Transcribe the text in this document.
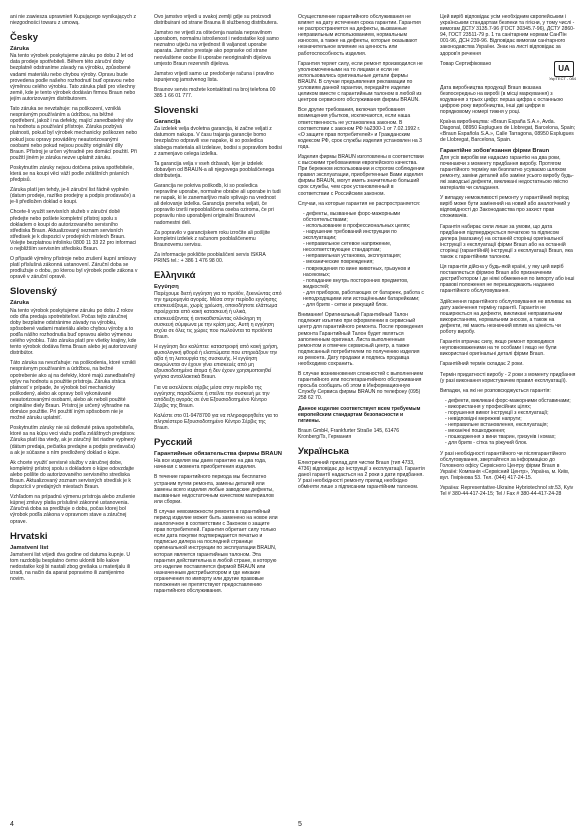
ani nie zawiesza uprawnień Kupującego wynikających z niezgodności towaru z umową.

Česky
Záruka

Na tento výrobek poskytujeme záruku po dobu 2 let od data prodeje spotřebiteli. Během této záruční doby bezplatně odstraníme závady na výrobku, způsobené vadami materiálu nebo chybou výroby. Opravu bude provedena podle našeho rozhodnutí buď opravou nebo výměnou celého výrobku. Tato záruka platí pro všechny země, kde je tento výrobek dodáván firmou Braun nebo jejím autorizovaným distributorem.

Tato záruka se nevztahuje: na poškození, vzniklá nesprávným používáním a údržbou, na běžné opotřebení, jakož i na defekty, mající zanedbatelný vliv na hodnotu a používání přístroje. Záruka pozbývá platnosti, pokud byl výrobek mechanicky poškozen nebo pokud jsou opravy prováděny neautorizovanými osobami nebo pokud nejsou použity originální díly Braun. Přístroj je určen výhradně pro domácí použití. Při použití jiném je záruka nezve uplatnit záruku.

Poskytnutím záruky nejsou dotčena práva spotřebitele, která se na koupi věci váží podle zvláštních právních předpisů.

Záruka platí jen tehdy, je-li záruční list řádně vyplněn (datum prodeje, razítko prodejny a podpis prodavače) a je-li předložen doklad o koupi.

Chcete-li využít servisních služeb v záruční době předejte nebo pošlete kompletní přístroj spolu s dokladem o koupi do autorizovaného servisního střediska Braun. Aktualizovaný seznam servisních středisek je k dispozici v prodejních místech Braun. Volejte bezplatnou infolinku 0800 11 33 22 pro informaci o nejbližším servisním středisku Braun.

O případě výměny přístroje nebo zrušení kupní smlouvy platí příslušná zákonná ustanovení. Záruční doba se prodlužuje o dobu, po kterou byl výrobek podle zákona v opravě v záruční opravě.

Slovenský
Záruka

Na tento výrobok poskytujeme záruku po dobu 2 rokov odo dňa predaja spotrebiteľovi. Počas tejto záručnej doby bezplatne odstránime závady na výrobku, spôsobené vadami materiálu alebo chybou výroby a to podľa nášho rozhodnutia buď opravou alebo výmenou celého výrobku. Táto záruka platí pre všetky krajiny, kde tento výrobok dodáva firma Braun alebo jej autorizovaný distribútor.

Táto záruka sa nevzťahuje: na poškodenia, ktoré vznikli nesprávnym používaním a údržbou, na bežné opotrebenie ako aj na defekty, ktoré majú zanedbateľný vplyv na hodnotu a použitie prístroja. Záruka stráca platnosť v prípade, že výrobok bol mechanicky poškodený, alebo ak opravy boli vykonávané neautorizovanými osobami, alebo ak neboli použité originálne diely Braun. Prístroj je určený výhradne na domáce použitie. Pri použití iným spôsobom nie je možné záruku uplatniť.

Poskytnutím záruky nie sú dotknuté práva spotrebiteľa, ktoré sa na kúpu veci viažu podľa zvláštnych predpisov. Záruka platí iba vtedy, ak je záručný list riadne vyplnený (dátum predaja, pečiatka predajne a podpis predavača) a ak je súčasne s ním predložený doklad o kúpe.

Ak chcete využiť servisné služby v záručnej dobe, kompletný prístroj spolu s dokladom o kúpe odovzdajte alebo pošlite do autorizovaného servisného strediska Braun. Aktualizovaný zoznam servisných stredísk je k dispozícii v predajných miestach Braun.

Vzhľadom na prípadnú výmenu prístroja alebo zrušenie kúpnej zmluvy platia príslušné zákonné ustanovenia. Záručná doba sa predlžuje o dobu, počas ktorej bol výrobok podľa zákona v opravnom stave a záručnej oprave.

Hrvatski
Jamstveni list

Jamstveni list vrijedi dva godine od datuma kupnje. U tom razdoblju besplatno ćemo ukloniti bilo kakve nedostatke koji bi nastali zbog grešaka u materijalu ili izradi, na način da aparat popravimo ili zamijenimo novim.

Ovo jamstvo vrijedi u svakoj zemlji gdje su proizvodi distribuirani od strane Brauna ili službenog distributera.

Jamstvo ne vrijedi za oštećenja nastala nepravilnom uporabom, normalnu istrošenost i nedostatke koji samo neznatno utječu na vrijednost ili valjanost uporabe aparata. Jamstvo prestaje ako popravke od strane neovlaštene osobe ili uporabe neoriginalnih dijelova umjesto Braun rezervnih dijelova.

Jamstvo vrijedi samo uz predočenje računa i pravilno ispunjenog jamstvenog lista.

Braunov servis možete kontaktirati na broj telefona 00 385 1 66 01 777.

Slovenski
Garancija

Za izdelek velja dvoletna garancija, ki začne veljati z datumom nakupa. V času trajanja garancije bomo brezplačno odpravili vse napake, ki so posledica slabega materiala ali izdelave, bodisi s popravilom bodisi z zamenjavo celega izdelka.

Ta garancija velja v vseh državah, kjer je izdelek dobavljen od BRAUN-a ali njegovega pooblaščenega distributerja.

Garancija ne pokriva poškodb, ki so posledica nepravilne uporabe, normalne obrabe ali uporabe in tudi ne napak, ki le zanemarljivo malo vplivajo na vrednost ali delovanje izdelka. Garancija preneha veljati, če popravilo izvrši nepooblaščena oseba oziroma, če pri popravilu niso uporabljeni originalni Braunovi nadomestni deli.

Za popravilo v garancijskem roku izročite ali pošljite kompletni izdelek z računom pooblaščenemu Braunovemu servisu.

Za informacije pokličite pooblaščeni servis ISKRA PRINS tel.: + 386 1 476 98 00.

Ελληνικά
Εγγύηση

Παρέχουμε διετή εγγύηση για το προϊόν, ξεκινώντας από την ημερομηνία αγοράς. Μέσα στην περίοδο εγγύησης επισκευάζουμε, χωρίς χρέωση, οποιοδήποτε ελάττωμα προέρχεται από κακή κατασκευή ή υλικά, επισκευάζοντας ή αντικαθιστώντας ολόκληρη τη συσκευή σύμφωνα με την κρίση μας. Αυτή η εγγύηση ισχύει σε όλες τις χώρες που πωλούνται τα προϊόντα Braun.

Η εγγύηση δεν καλύπτει: καταστροφή από κακή χρήση, φυσιολογική φθορά ή ελαττώματα που επηρεάζουν την αξία ή τη λειτουργία της συσκευής. Η εγγύηση ακυρώνεται αν έχουν γίνει επισκευές από μη εξουσιοδοτημένα άτομα ή δεν έχουν χρησιμοποιηθεί γνήσια ανταλλακτικά Braun.

Για να εκτελέσετε σέρβις μέσα στην περίοδο της εγγύησης παραδώστε ή στείλτε την συσκευή με την απόδειξη αγοράς σε ένα Εξουσιοδοτημένο Κέντρο Σέρβις της Braun.

Καλέστε στο 01-9478700 για να πληροφορηθείτε για το πλησιέστερο Εξουσιοδοτημένο Κέντρο Σέρβις της Braun.

Русский
Гарантийные обязательства фирмы BRAUN

На все изделия мы даем гарантию на два года, начиная с момента приобретения изделия.

В течение гарантийного периода мы бесплатно устраним путем ремонта, замены деталей или замены всего изделия любые заводские дефекты, вызванные недостаточным качеством материалов или сборки.

В случае невозможности ремонта в гарантийный период изделие может быть заменено на новое или аналогичное в соответствии с Законом о защите прав потребителей. Гарантия обретает силу только если дата покупки подтверждается печатью и подписью дилера на последней странице оригинальной инструкции по эксплуатации BRAUN, которая является гарантийным талоном. Эта гарантия действительна в любой стране, в которую это изделие поставляется фирмой BRAUN или назначенным дистрибьютором и где никакие ограничения по импорту или другие правовые положения не препятствуют предоставлению гарантийного обслуживания.

Осуществление гарантийного обслуживания не влияет на дату истечения срока гарантии. Гарантия не распространяется на дефекты, вызванные неправильным использованием, нормальным износом, а также на дефекты, которые оказывают незначительное влияние на ценность или работоспособность изделия.

Гарантия теряет силу, если ремонт производился не уполномоченными на то лицами и если не использовались оригинальные детали фирмы BRAUN. В случае предъявления рекламации по условиям данной гарантии, передайте изделие целиком вместе с гарантийным талоном в любой из центров сервисного обслуживания фирмы BRAUN.

Все другие требования, включая требования возмещения убытков, исключаются, если наша ответственность не установлена законом. В соответствии с законом РФ №2300-1 от 7.02.1992 г. «О защите прав потребителей» и Гражданским кодексом РФ, срок службы изделия установлен на 3 года.

Изделия фирмы BRAUN изготовлены в соответствии с высокими требованиями европейского качества. При бережном использовании и строгом соблюдении правил эксплуатации, приобретенные Вами изделия фирмы BRAUN, могут иметь значительно больший срок службы, чем срок установленный в соответствии с Российским законом.

Случаи, на которые гарантия не распространяется:

- дефекты, вызванные форс-мажорными обстоятельствами;
- использование в профессиональных целях;
- нарушение требований инструкции по эксплуатации;
- неправильное сетевое напряжение, несоответствующее стандартам;
- неправильная установка, эксплуатация;
- механические повреждения;
- повреждения по вине животных, грызунов и насекомых;
- попадание внутрь посторонних предметов, жидкостей;
- для приборов, работающих от батареек, работа с неподходящими или истощёнными батарейками;
- для бритв - сетки и режущий блок.

Внимание! Оригинальный Гарантийный Талон подлежит изъятию при оформлении в сервисный центр для гарантийного ремонта. После проведения ремонта Гарантийный Талон будет являться заполненным оригинал. Листа выполненным ремонтом и отмечен сервисный центр, а также подписанный потребителем по получению изделия из ремонта. Дату продажи и подпись продавца необходимо сохранить.

В случае возникновения сложностей с выполнением гарантийного или послегарантийного обслуживания просьба сообщать об этом в Информационную Службу Сервиса фирмы BRAUN по телефону (095) 258 62 70.

Данное изделие соответствует всем требуемым европейским стандартам безопасности и гигиены.

Braun GmbH, Frankfurter Straße 145, 61476 Kronberg/Ts, Германия

Українська

Електричний прилад для чистки Braun (тип 4733, 4736) відповідає до інструкції з експлуатації. Гарантія даної гарантії надається на 2 роки з дати придбання. У разі необхідності ремонту прилад необхідно обміняти лише з підписаним гарантійним талоном.

Цей виріб відповідає усім необхідним європейським і українським стандартам безпеки та гігієни, у тому числі - вимогам ДСТУ 3135.7-96 (ГОСТ 30345.7-96), ДСТУ 2860-94, ГОСТ 23511-79 р. 1 та санітарним нормам СанПін 001-96, ДСН 239-96. Відповідає вимогам санітарного законодавства України. Знак на листі відповідає за здоров'я речення

Товар Сертифіковано	UA
УкрТЕСТ - 084

Дата виробництва продукції Braun вказана безпосередньо на виробі (в місці маркування) з кодування з трьох цифр: перша цифра є останньою цифрою року виробництва, інші дві цифри в порядковому номері тижня у році.

Країна виробництва: «Braun España S.A.», Avda. Diagonal, 08950 Esplugues de Llobregat, Barcelona, Spain; «Braun Española S.A.», Calle Tarragona, 08950 Esplugues de Llobregat, Barcelona, Spain.

Гарантійне зобов'язання фірми Braun

Для усіх виробів ми надаємо гарантію на два роки, починаючи з моменту придбання виробу. Протягом гарантійного терміну ми безплатно усуваємо шляхом ремонту, заміни деталей або заміни усього виробу будь-які заводські дефекти, викликані недостатньою якістю матеріалів чи складання.

У випадку неможливості ремонту у гарантійний період виріб може бути замінений на новий або аналогічний у відповідності до Законодавства про захист прав споживачів.

Гарантія набирає сили лише за умови, що дата придбання підтверджується печаткою та підписом дилера (магазину) на останній сторінці оригінальної інструкції з експлуатації фірми Braun або на останній сторінці (гарантійній) інструкції з експлуатації Braun, яка також є гарантійним талоном.

Ця гарантія дійсна у будь-якій країні, у яку цей виріб поставляється фірмою Braun або призначеним дистриб'ютором і де ніякі обмеження по імпорту або інші правові положення не перешкоджають наданню гарантійного обслуговування.

Здійснення гарантійного обслуговування не впливає на дату закінчення терміну гарантії. Гарантія не поширюється на дефекти, викликані неправильним використанням, нормальним зносом, а також на дефекти, які мають незначний вплив на цінність чи роботу виробу.

Гарантія втрачає силу, якщо ремонт проводився неуповноваженими на те особами і якщо не були використані оригінальні деталі фірми Braun.

Гарантійний термін складає 2 роки.

Термін придатності виробу - 2 роки з моменту придбання (у разі виконання користувачем правил експлуатації).

Випадки, на які не розповсюджується гарантія:

- дефекти, викликані форс-мажорними обставинами;
- використання у професійних цілях;
- порушення вимог інструкції з експлуатації;
- невідповідні мережеві напруги;
- неправильне встановлення, експлуатація;
- механічні пошкодження;
- пошкодження з вини тварин, гризунів і комах;
- для бритв - сітка та ріжучий блок.

У разі необхідності гарантійного чи післягарантійного обслуговування, звертайтеся за інформацією до Головного офісу Сервісного Центру фірми Braun в Україні: Компанія «Сервісний Центр», Україна, м. Київ, вул. Гмірінова 53. Тел. (044) 417-24-15.

Україна: Representative-Ukraine Hybriotechnol str.53, Kyiv Tel # 380-44-417-24-15; Tel / Fax # 380-44-417-24-28

4	5
